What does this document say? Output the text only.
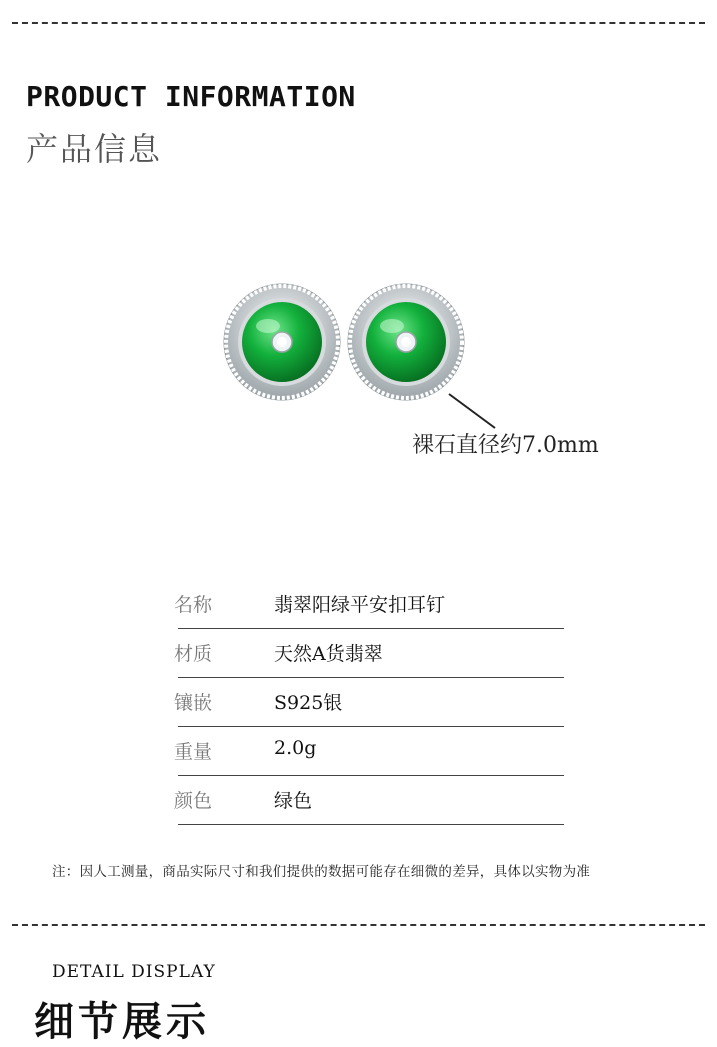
PRODUCT INFORMATION
产品信息
裸石直径约7.0mm
名称	翡翠阳绿平安扣耳钉
材质	天然A货翡翠
镶嵌	S925银
重量	2.0g
颜色	绿色
注：因人工测量，商品实际尺寸和我们提供的数据可能存在细微的差异，具体以实物为准
DETAIL DISPLAY
细节展示
